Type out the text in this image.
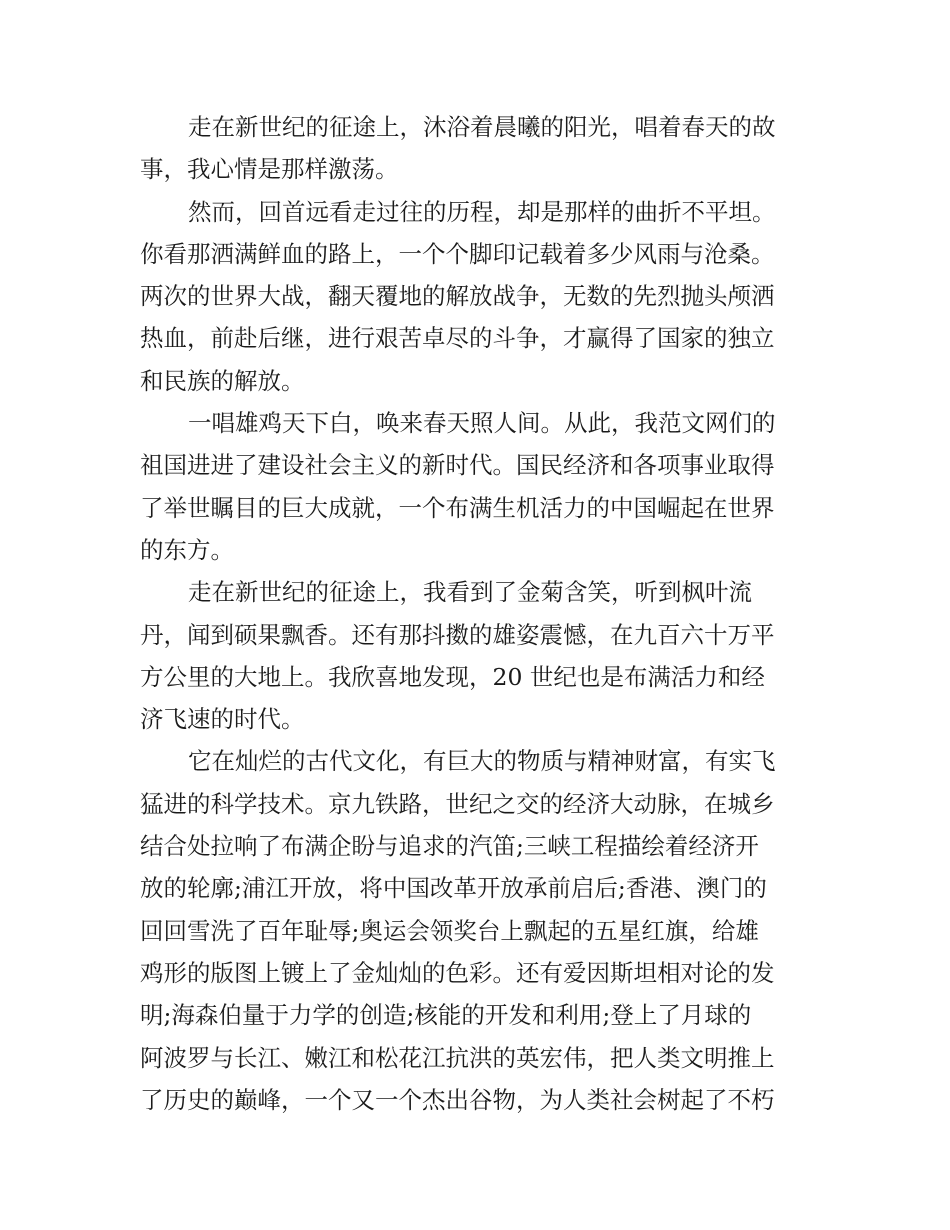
走在新世纪的征途上，沐浴着晨曦的阳光，唱着春天的故
事，我心情是那样激荡。
然而，回首远看走过往的历程，却是那样的曲折不平坦。
你看那洒满鲜血的路上，一个个脚印记载着多少风雨与沧桑。
两次的世界大战，翻天覆地的解放战争，无数的先烈抛头颅洒
热血，前赴后继，进行艰苦卓尽的斗争，才赢得了国家的独立
和民族的解放。
一唱雄鸡天下白，唤来春天照人间。从此，我范文网们的
祖国进进了建设社会主义的新时代。国民经济和各项事业取得
了举世瞩目的巨大成就，一个布满生机活力的中国崛起在世界
的东方。
走在新世纪的征途上，我看到了金菊含笑，听到枫叶流
丹，闻到硕果飘香。还有那抖擞的雄姿震憾，在九百六十万平
方公里的大地上。我欣喜地发现，20 世纪也是布满活力和经
济飞速的时代。
它在灿烂的古代文化，有巨大的物质与精神财富，有实飞
猛进的科学技术。京九铁路，世纪之交的经济大动脉，在城乡
结合处拉响了布满企盼与追求的汽笛;三峡工程描绘着经济开
放的轮廓;浦江开放，将中国改革开放承前启后;香港、澳门的
回回雪洗了百年耻辱;奥运会领奖台上飘起的五星红旗，给雄
鸡形的版图上镀上了金灿灿的色彩。还有爱因斯坦相对论的发
明;海森伯量于力学的创造;核能的开发和利用;登上了月球的
阿波罗与长江、嫩江和松花江抗洪的英宏伟，把人类文明推上
了历史的巅峰，一个又一个杰出谷物，为人类社会树起了不朽
